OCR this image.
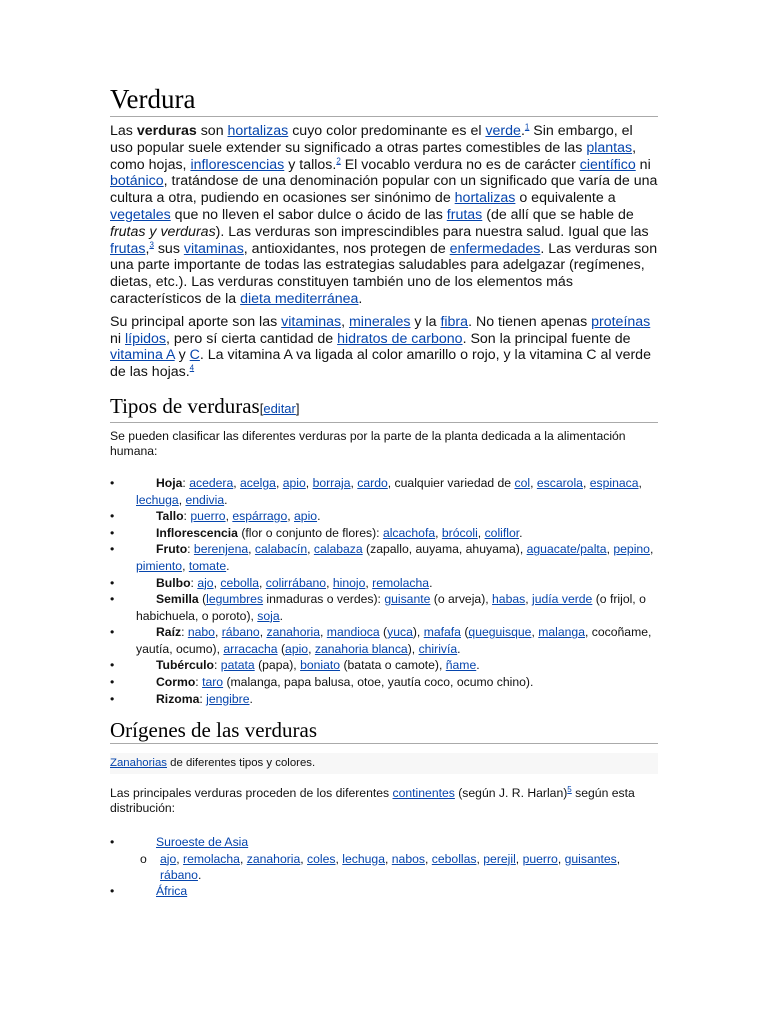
Verdura

Las verduras son hortalizas cuyo color predominante es el verde.$^1$ Sin embargo, el uso popular suele extender su significado a otras partes comestibles de las plantas, como hojas, inflorescencias y tallos.$^2$ El vocablo verdura no es de carácter científico ni botánico, tratándose de una denominación popular con un significado que varía de una cultura a otra, pudiendo en ocasiones ser sinónimo de hortalizas o equivalente a vegetales que no lleven el sabor dulce o ácido de las frutas (de allí que se hable de frutas y verduras). Las verduras son imprescindibles para nuestra salud. Igual que las frutas,$^3$ sus vitaminas, antioxidantes, nos protegen de enfermedades. Las verduras son una parte importante de todas las estrategias saludables para adelgazar (regímenes, dietas, etc.). Las verduras constituyen también uno de los elementos más característicos de la dieta mediterránea.

Su principal aporte son las vitaminas, minerales y la fibra. No tienen apenas proteínas ni lípidos, pero sí cierta cantidad de hidratos de carbono. Son la principal fuente de vitamina A y C. La vitamina A va ligada al color amarillo o rojo, y la vitamina C al verde de las hojas.$^4$

Tipos de verduras[editar]

Se pueden clasificar las diferentes verduras por la parte de la planta dedicada a la alimentación humana:

•	Hoja: acedera, acelga, apio, borraja, cardo, cualquier variedad de col, escarola, espinaca, lechuga, endivia.
•	Tallo: puerro, espárrago, apio.
•	Inflorescencia (flor o conjunto de flores): alcachofa, brócoli, coliflor.
•	Fruto: berenjena, calabacín, calabaza (zapallo, auyama, ahuyama), aguacate/palta, pepino, pimiento, tomate.
•	Bulbo: ajo, cebolla, colirrábano, hinojo, remolacha.
•	Semilla (legumbres inmaduras o verdes): guisante (o arveja), habas, judía verde (o frijol, o habichuela, o poroto), soja.
•	Raíz: nabo, rábano, zanahoria, mandioca (yuca), mafafa (queguisque, malanga, cocoñame, yautía, ocumo), arracacha (apio, zanahoria blanca), chirivía.
•	Tubérculo: patata (papa), boniato (batata o camote), ñame.
•	Cormo: taro (malanga, papa balusa, otoe, yautía coco, ocumo chino).
•	Rizoma: jengibre.
Orígenes de las verduras
Zanahorias de diferentes tipos y colores.

Las principales verduras proceden de los diferentes continentes (según J. R. Harlan)$^5$ según esta distribución:

•	Suroeste de Asia
o ajo, remolacha, zanahoria, coles, lechuga, nabos, cebollas, perejil, puerro, guisantes, rábano.
•	África
